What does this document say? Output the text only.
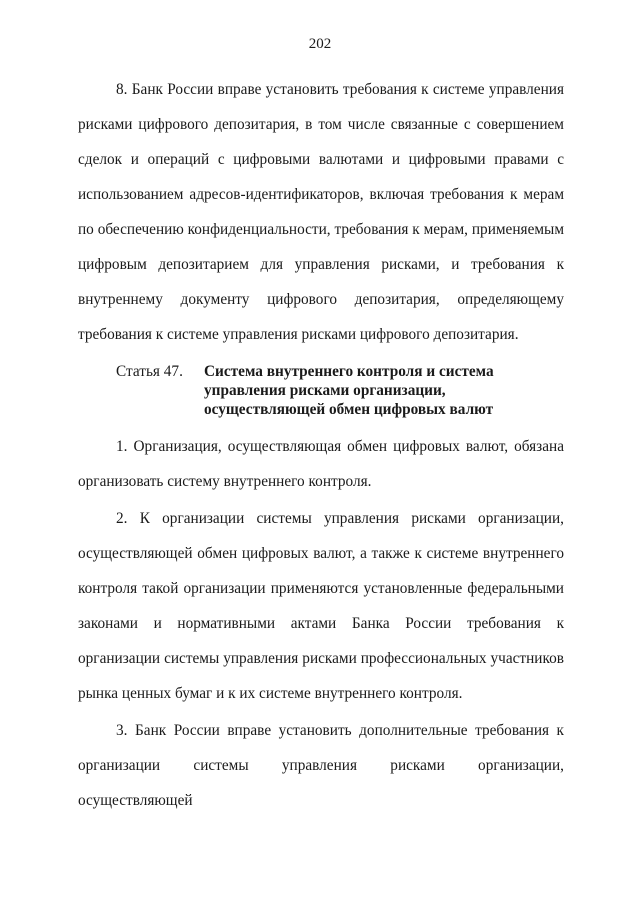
202

8. Банк России вправе установить требования к системе управления рисками цифрового депозитария, в том числе связанные с совершением сделок и операций с цифровыми валютами и цифровыми правами с использованием адресов-идентификаторов, включая требования к мерам по обеспечению конфиденциальности, требования к мерам, применяемым цифровым депозитарием для управления рисками, и требования к внутреннему документу цифрового депозитария, определяющему требования к системе управления рисками цифрового депозитария.

Статья 47.	Система внутреннего контроля и система
управления рисками организации,
осуществляющей обмен цифровых валют

1. Организация, осуществляющая обмен цифровых валют, обязана организовать систему внутреннего контроля.

2. К организации системы управления рисками организации, осуществляющей обмен цифровых валют, а также к системе внутреннего контроля такой организации применяются установленные федеральными законами и нормативными актами Банка России требования к организации системы управления рисками профессиональных участников рынка ценных бумаг и к их системе внутреннего контроля.

3. Банк России вправе установить дополнительные требования к организации системы управления рисками организации, осуществляющей
